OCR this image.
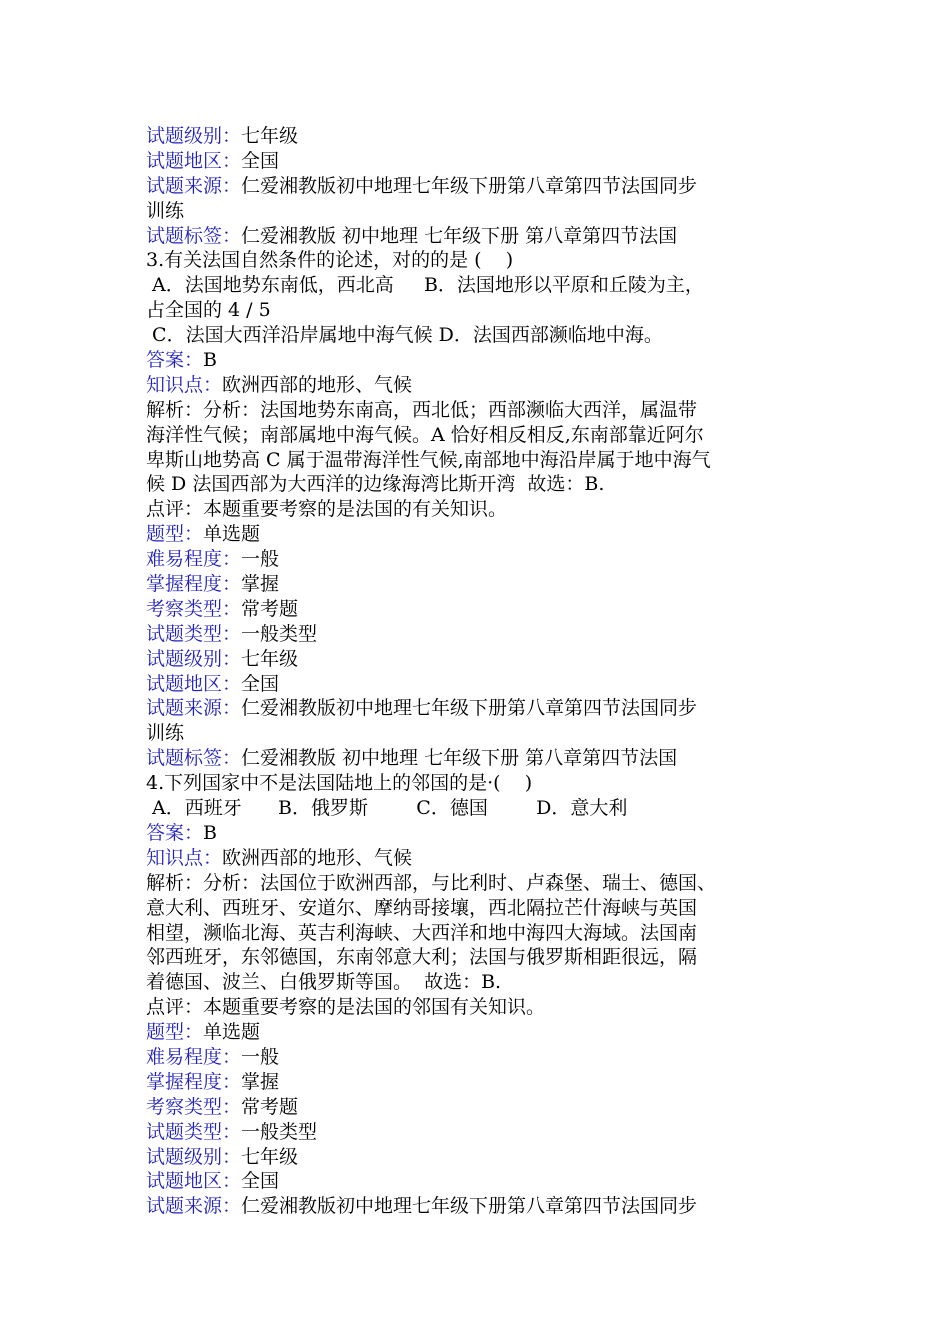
试题级别：七年级
试题地区：全国
试题来源：仁爱湘教版初中地理七年级下册第八章第四节法国同步
训练
试题标签：仁爱湘教版 初中地理 七年级下册 第八章第四节法国
3.有关法国自然条件的论述，对的的是 (    )
A．法国地势东南低，西北高     B．法国地形以平原和丘陵为主，
占全国的 4 / 5
C．法国大西洋沿岸属地中海气候 D．法国西部濒临地中海。
答案：B
知识点：欧洲西部的地形、气候
解析：分析：法国地势东南高，西北低；西部濒临大西洋，属温带
海洋性气候；南部属地中海气候。A 恰好相反相反,东南部靠近阿尔
卑斯山地势高 C 属于温带海洋性气候,南部地中海沿岸属于地中海气
候 D 法国西部为大西洋的边缘海湾比斯开湾  故选：B.
点评：本题重要考察的是法国的有关知识。
题型：单选题
难易程度：一般
掌握程度：掌握
考察类型：常考题
试题类型：一般类型
试题级别：七年级
试题地区：全国
试题来源：仁爱湘教版初中地理七年级下册第八章第四节法国同步
训练
试题标签：仁爱湘教版 初中地理 七年级下册 第八章第四节法国
4.下列国家中不是法国陆地上的邻国的是·(    )
A．西班牙      B．俄罗斯        C．德国        D．意大利
答案：B
知识点：欧洲西部的地形、气候
解析：分析：法国位于欧洲西部，与比利时、卢森堡、瑞士、德国、
意大利、西班牙、安道尔、摩纳哥接壤，西北隔拉芒什海峡与英国
相望，濒临北海、英吉利海峡、大西洋和地中海四大海域。法国南
邻西班牙，东邻德国，东南邻意大利；法国与俄罗斯相距很远，隔
着德国、波兰、白俄罗斯等国。  故选：B.
点评：本题重要考察的是法国的邻国有关知识。
题型：单选题
难易程度：一般
掌握程度：掌握
考察类型：常考题
试题类型：一般类型
试题级别：七年级
试题地区：全国
试题来源：仁爱湘教版初中地理七年级下册第八章第四节法国同步
